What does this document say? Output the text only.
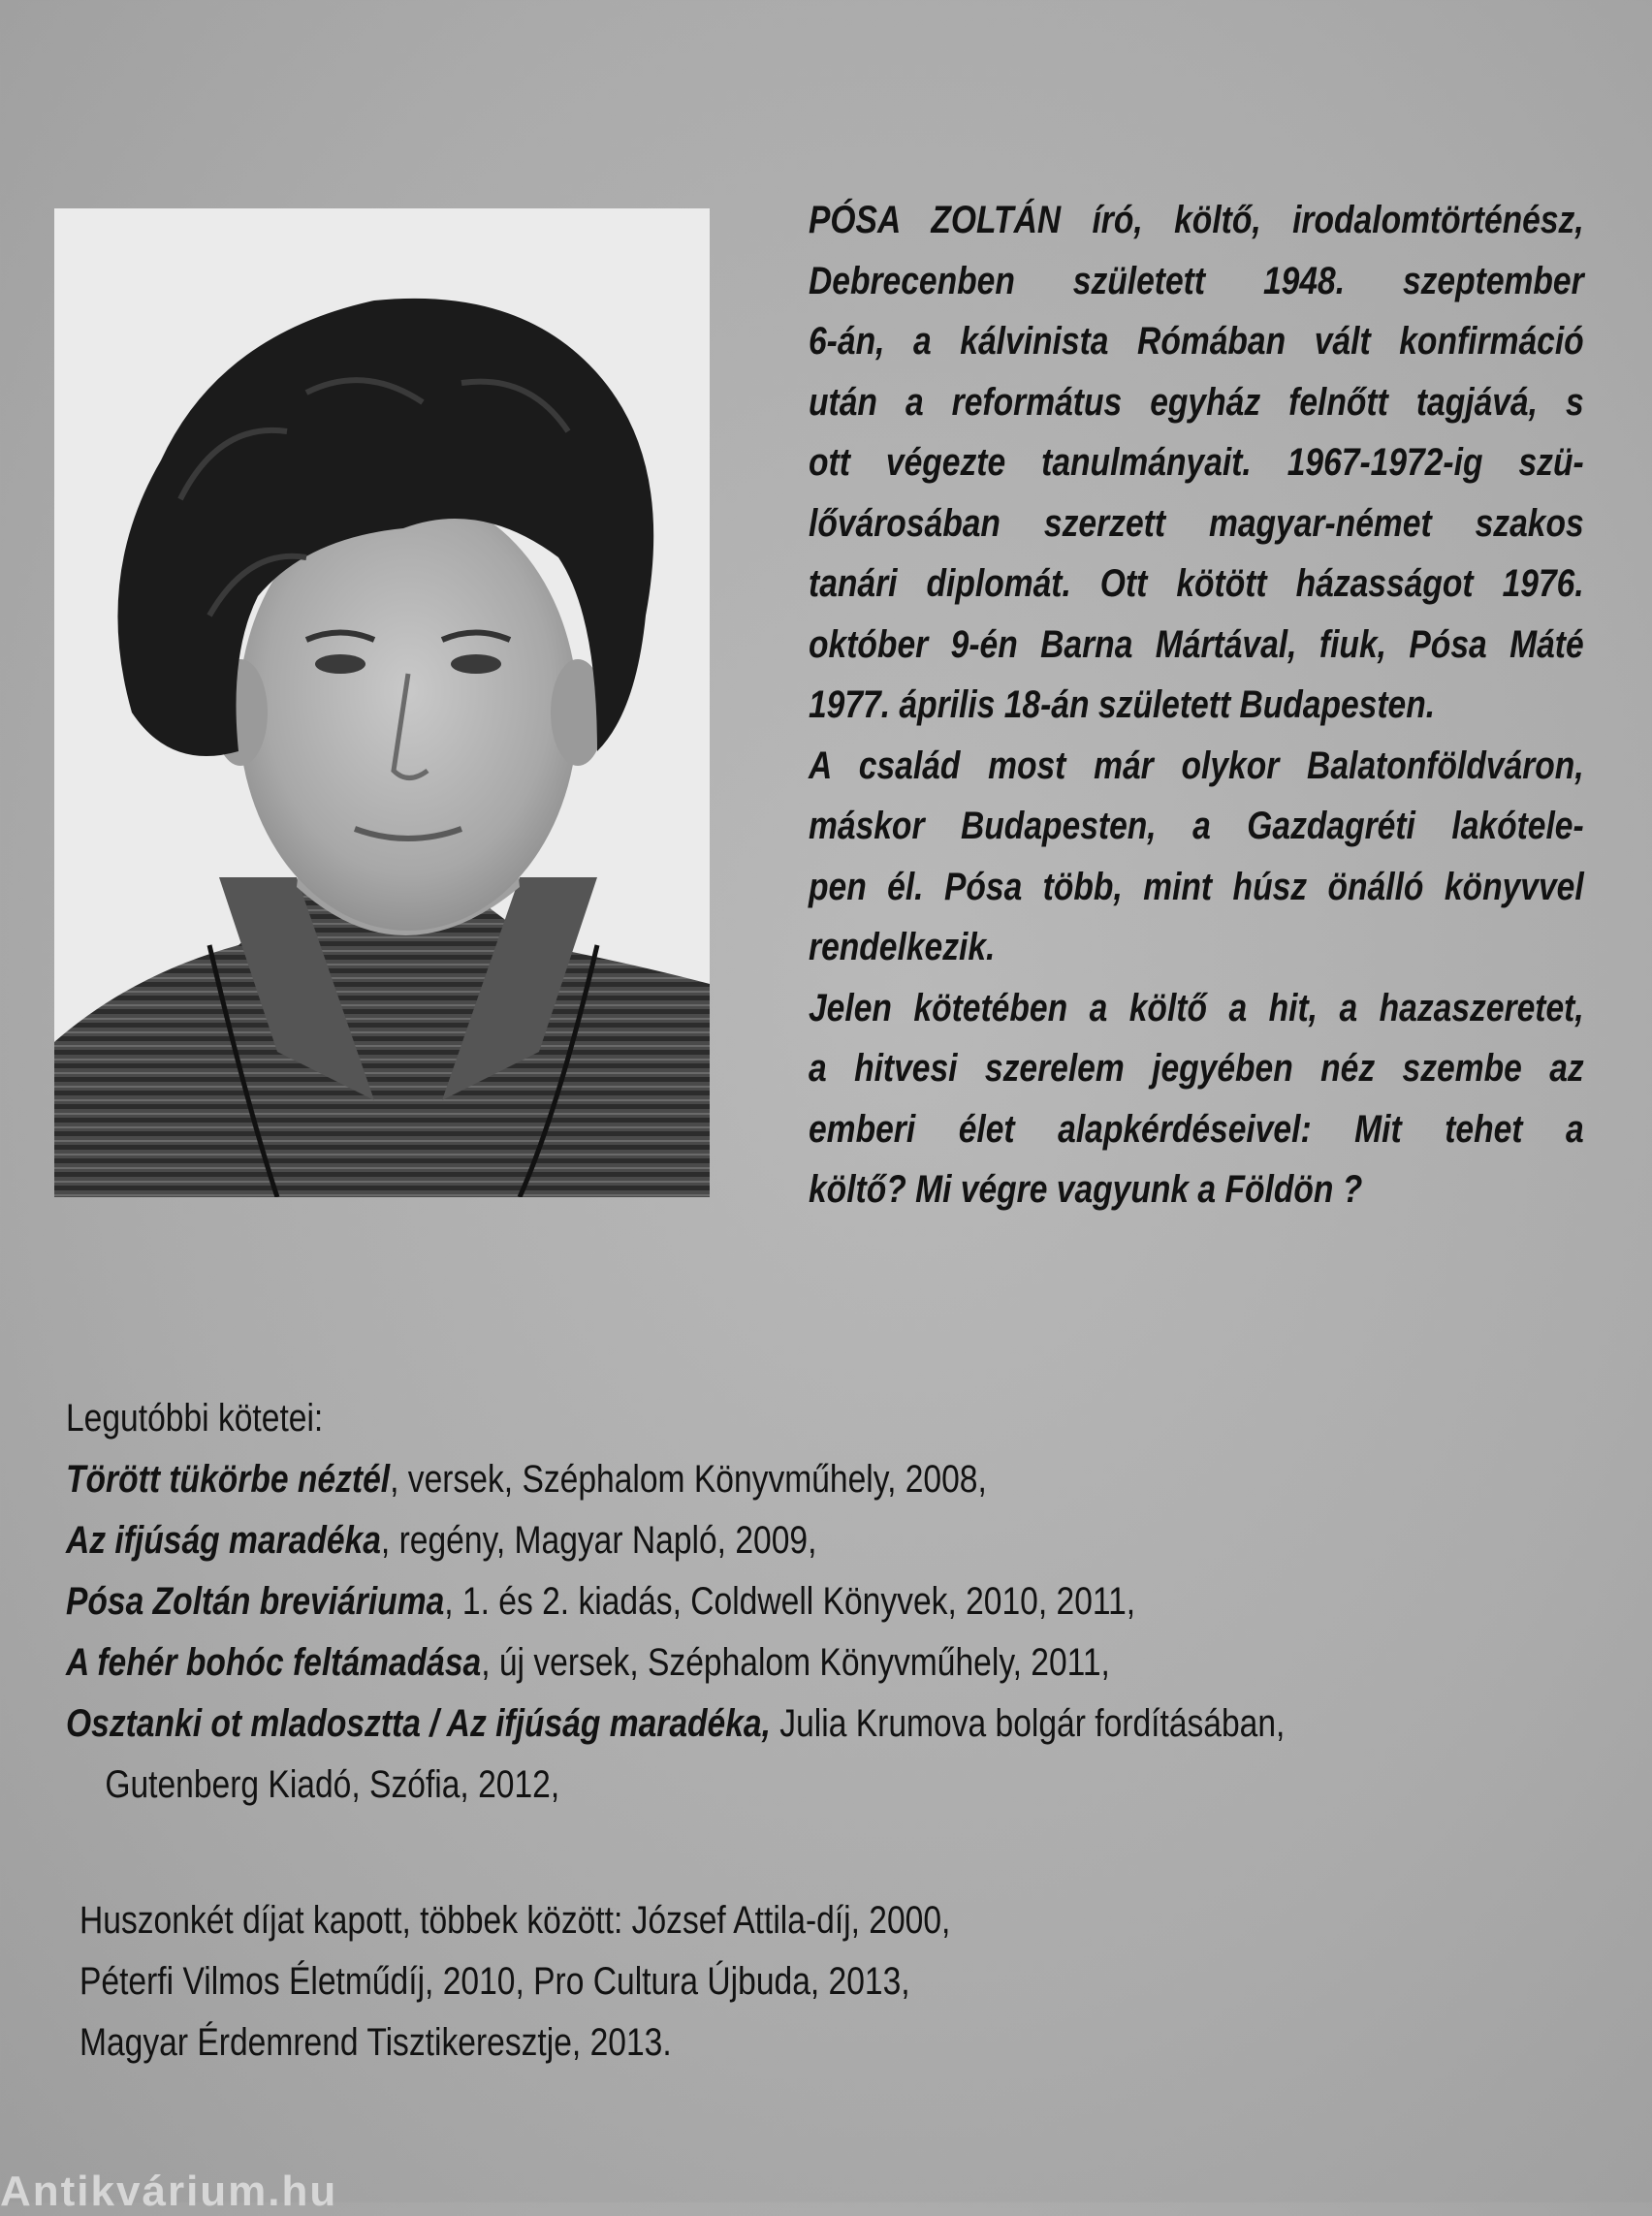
PÓSA ZOLTÁN író, költő, irodalomtörténész,
Debrecenben született 1948. szeptember
6-án, a kálvinista Rómában vált konfirmáció
után a református egyház felnőtt tagjává, s
ott végezte tanulmányait. 1967-1972-ig szü-
lővárosában szerzett magyar-német szakos
tanári diplomát. Ott kötött házasságot 1976.
október 9-én Barna Mártával, fiuk, Pósa Máté
1977. április 18-án született Budapesten.
A család most már olykor Balatonföldváron,
máskor Budapesten, a Gazdagréti lakótele-
pen él. Pósa több, mint húsz önálló könyvvel
rendelkezik.
Jelen kötetében a költő a hit, a hazaszeretet,
a hitvesi szerelem jegyében néz szembe az
emberi élet alapkérdéseivel: Mit tehet a
költő? Mi végre vagyunk a Földön ?
Legutóbbi kötetei:
Törött tükörbe néztél, versek, Széphalom Könyvműhely, 2008,
Az ifjúság maradéka, regény, Magyar Napló, 2009,
Pósa Zoltán breviáriuma, 1. és 2. kiadás, Coldwell Könyvek, 2010, 2011,
A fehér bohóc feltámadása, új versek, Széphalom Könyvműhely, 2011,
Osztanki ot mladosztta / Az ifjúság maradéka, Julia Krumova bolgár fordításában,
Gutenberg Kiadó, Szófia, 2012,
Huszonkét díjat kapott, többek között: József Attila-díj, 2000,
Péterfi Vilmos Életműdíj, 2010, Pro Cultura Újbuda, 2013,
Magyar Érdemrend Tisztikeresztje, 2013.
Antikvárium.hu
